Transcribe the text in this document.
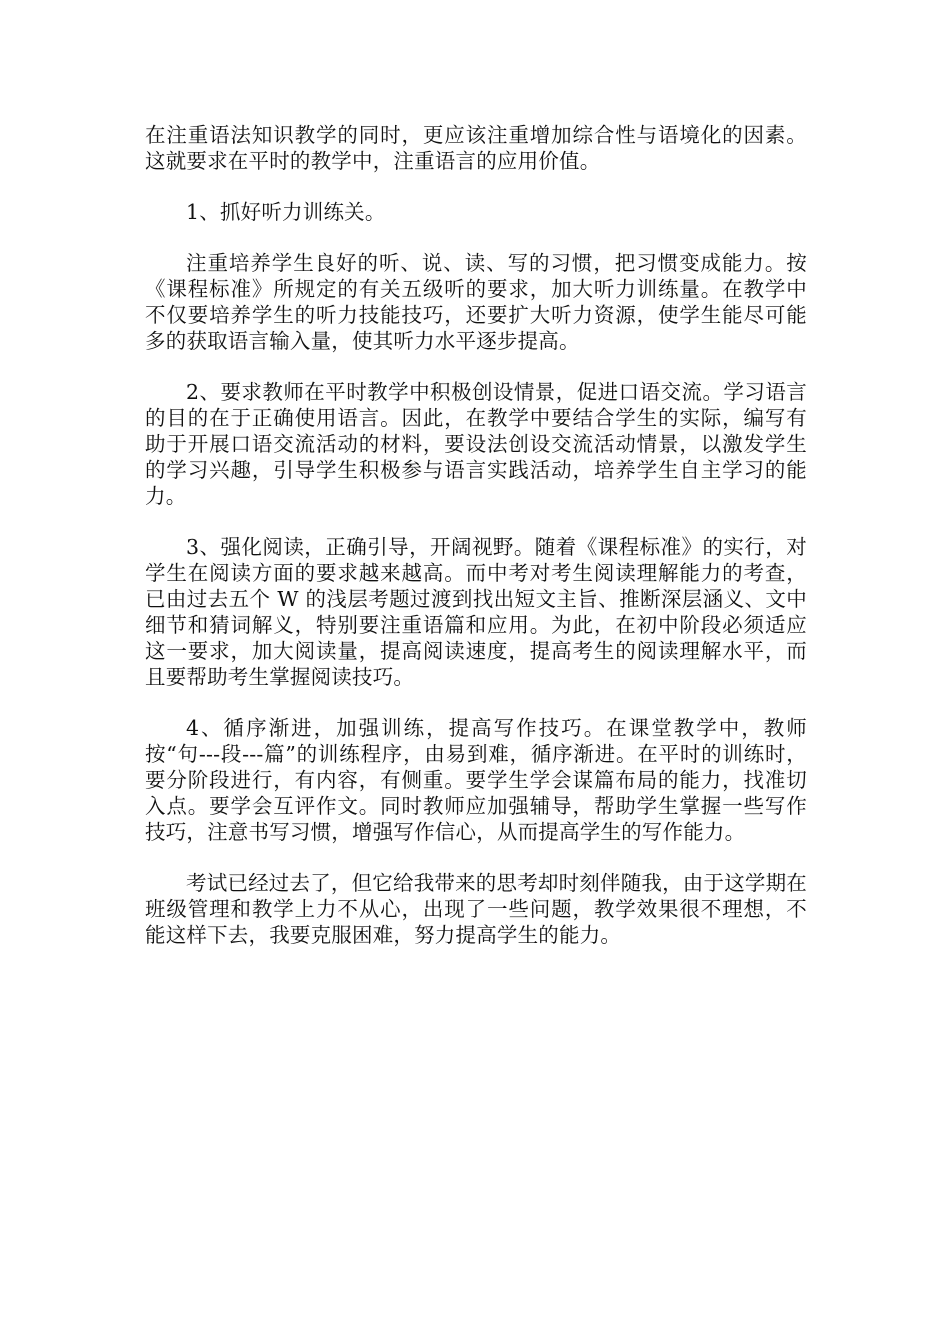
在注重语法知识教学的同时，更应该注重增加综合性与语境化的因素。这就要求在平时的教学中，注重语言的应用价值。

1、抓好听力训练关。

注重培养学生良好的听、说、读、写的习惯，把习惯变成能力。按《课程标准》所规定的有关五级听的要求，加大听力训练量。在教学中不仅要培养学生的听力技能技巧，还要扩大听力资源，使学生能尽可能多的获取语言输入量，使其听力水平逐步提高。

2、要求教师在平时教学中积极创设情景，促进口语交流。学习语言的目的在于正确使用语言。因此，在教学中要结合学生的实际，编写有助于开展口语交流活动的材料，要设法创设交流活动情景，以激发学生的学习兴趣，引导学生积极参与语言实践活动，培养学生自主学习的能力。

3、强化阅读，正确引导，开阔视野。随着《课程标准》的实行，对学生在阅读方面的要求越来越高。而中考对考生阅读理解能力的考查，已由过去五个 W 的浅层考题过渡到找出短文主旨、推断深层涵义、文中细节和猜词解义，特别要注重语篇和应用。为此，在初中阶段必须适应这一要求，加大阅读量，提高阅读速度，提高考生的阅读理解水平，而且要帮助考生掌握阅读技巧。

4、循序渐进，加强训练，提高写作技巧。在课堂教学中，教师按“句---段---篇”的训练程序，由易到难，循序渐进。在平时的训练时，要分阶段进行，有内容，有侧重。要学生学会谋篇布局的能力，找准切入点。要学会互评作文。同时教师应加强辅导，帮助学生掌握一些写作技巧，注意书写习惯，增强写作信心，从而提高学生的写作能力。

考试已经过去了，但它给我带来的思考却时刻伴随我，由于这学期在班级管理和教学上力不从心，出现了一些问题，教学效果很不理想，不能这样下去，我要克服困难，努力提高学生的能力。
